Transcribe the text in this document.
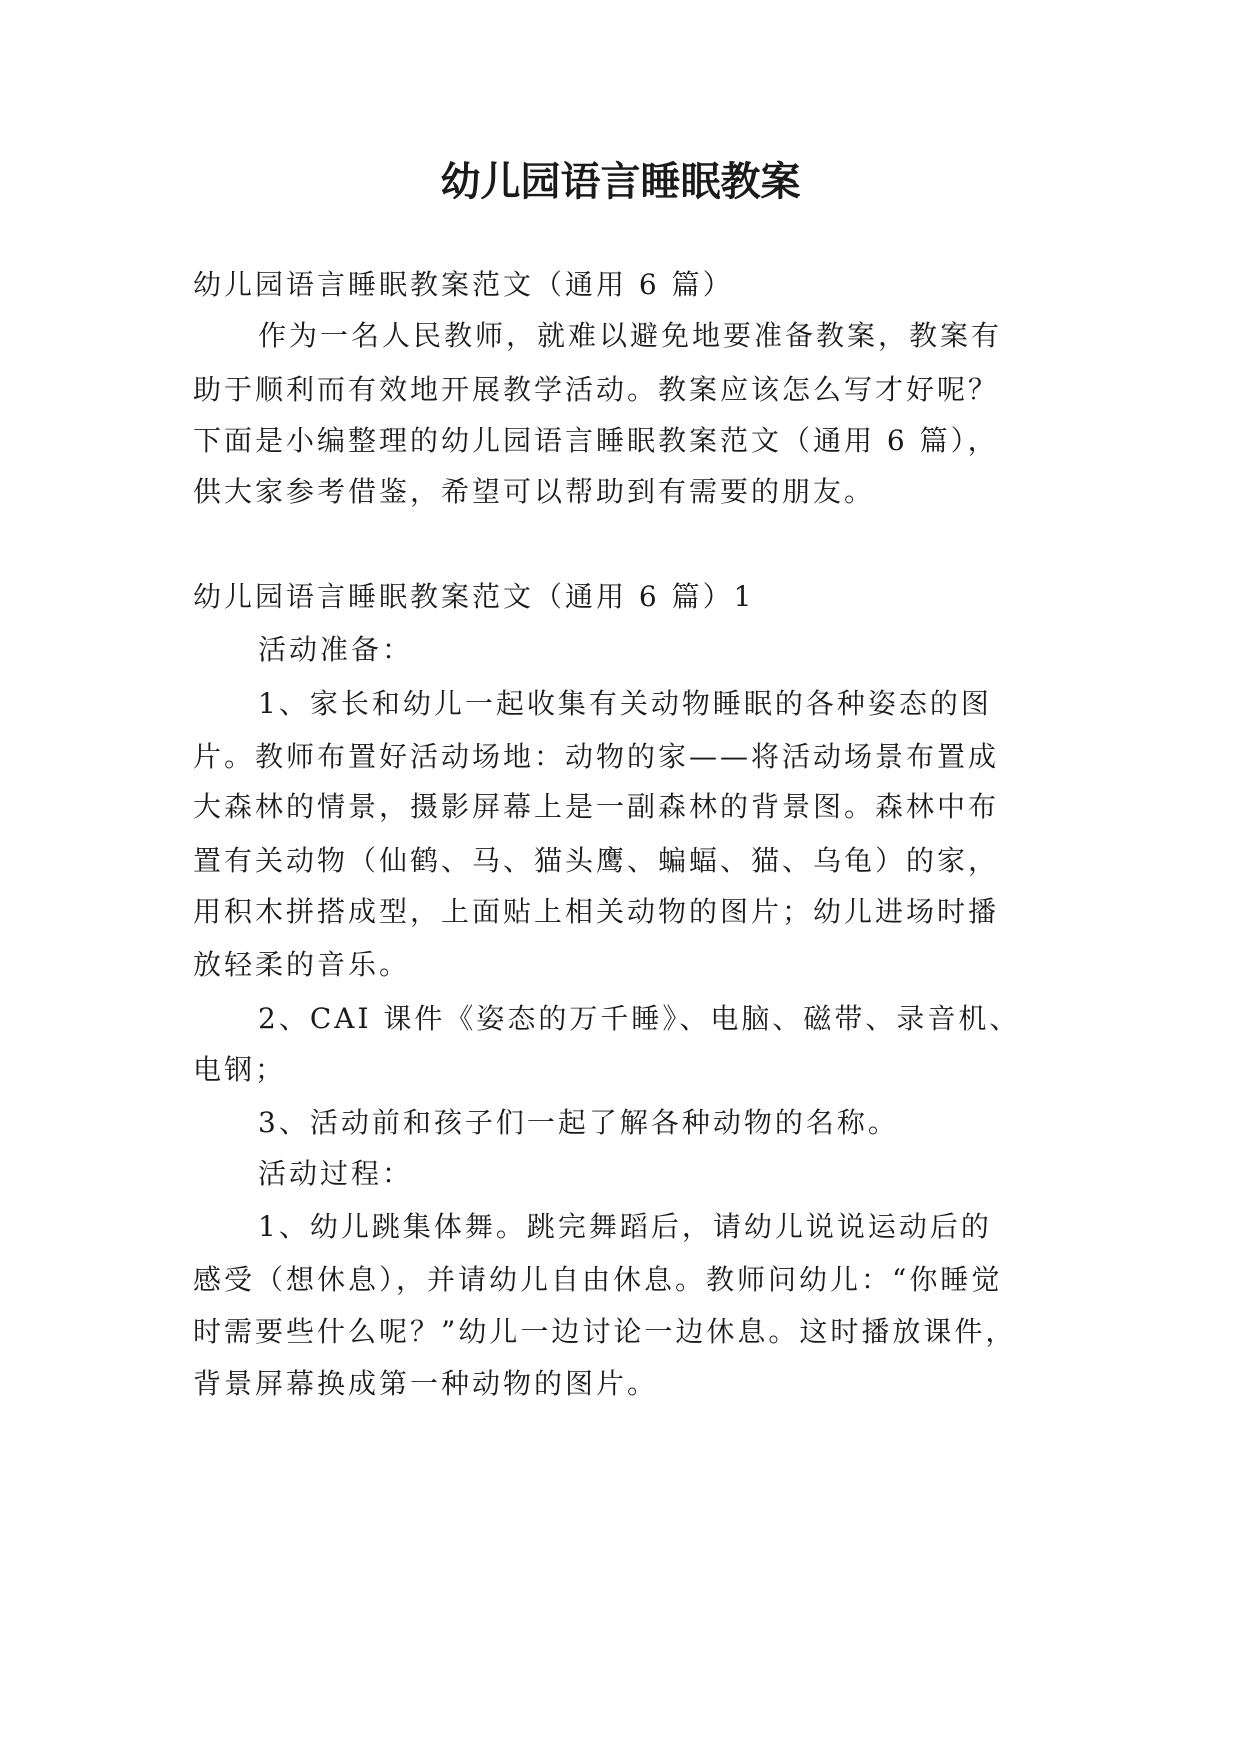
幼儿园语言睡眠教案
幼儿园语言睡眠教案范文（通用 6 篇）
作为一名人民教师，就难以避免地要准备教案，教案有
助于顺利而有效地开展教学活动。教案应该怎么写才好呢？
下面是小编整理的幼儿园语言睡眠教案范文（通用 6 篇），
供大家参考借鉴，希望可以帮助到有需要的朋友。
幼儿园语言睡眠教案范文（通用 6 篇）1
活动准备：
1、家长和幼儿一起收集有关动物睡眠的各种姿态的图
片。教师布置好活动场地：动物的家——将活动场景布置成
大森林的情景，摄影屏幕上是一副森林的背景图。森林中布
置有关动物（仙鹤、马、猫头鹰、蝙蝠、猫、乌龟）的家，
用积木拼搭成型，上面贴上相关动物的图片；幼儿进场时播
放轻柔的音乐。
2、CAI 课件《姿态的万千睡》、电脑、磁带、录音机、
电钢；
3、活动前和孩子们一起了解各种动物的名称。
活动过程：
1、幼儿跳集体舞。跳完舞蹈后，请幼儿说说运动后的
感受（想休息），并请幼儿自由休息。教师问幼儿：“你睡觉
时需要些什么呢？”幼儿一边讨论一边休息。这时播放课件，
背景屏幕换成第一种动物的图片。
